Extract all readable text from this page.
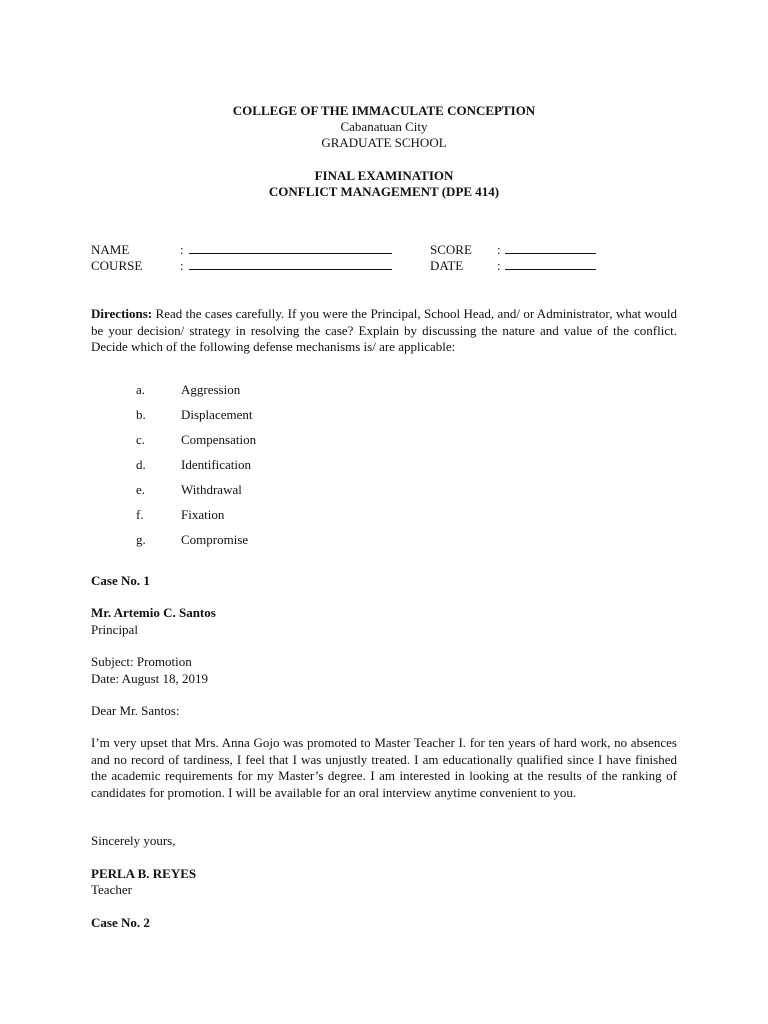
COLLEGE OF THE IMMACULATE CONCEPTION
Cabanatuan City
GRADUATE SCHOOL
FINAL EXAMINATION
CONFLICT MANAGEMENT (DPE 414)
NAME	:	SCORE :
COURSE	:	DATE	:
Directions: Read the cases carefully. If you were the Principal, School Head, and/ or Administrator, what would be your decision/ strategy in resolving the case? Explain by discussing the nature and value of the conflict. Decide which of the following defense mechanisms is/ are applicable:
a.	Aggression
b.	Displacement
c.	Compensation
d.	Identification
e.	Withdrawal
f.	Fixation
g.	Compromise
Case No. 1
Mr. Artemio C. Santos
Principal
Subject: Promotion
Date: August 18, 2019
Dear Mr. Santos:
I’m very upset that Mrs. Anna Gojo was promoted to Master Teacher I. for ten years of hard work, no absences and no record of tardiness, I feel that I was unjustly treated. I am educationally qualified since I have finished the academic requirements for my Master’s degree. I am interested in looking at the results of the ranking of candidates for promotion. I will be available for an oral interview anytime convenient to you.
Sincerely yours,
PERLA B. REYES
Teacher
Case No. 2
